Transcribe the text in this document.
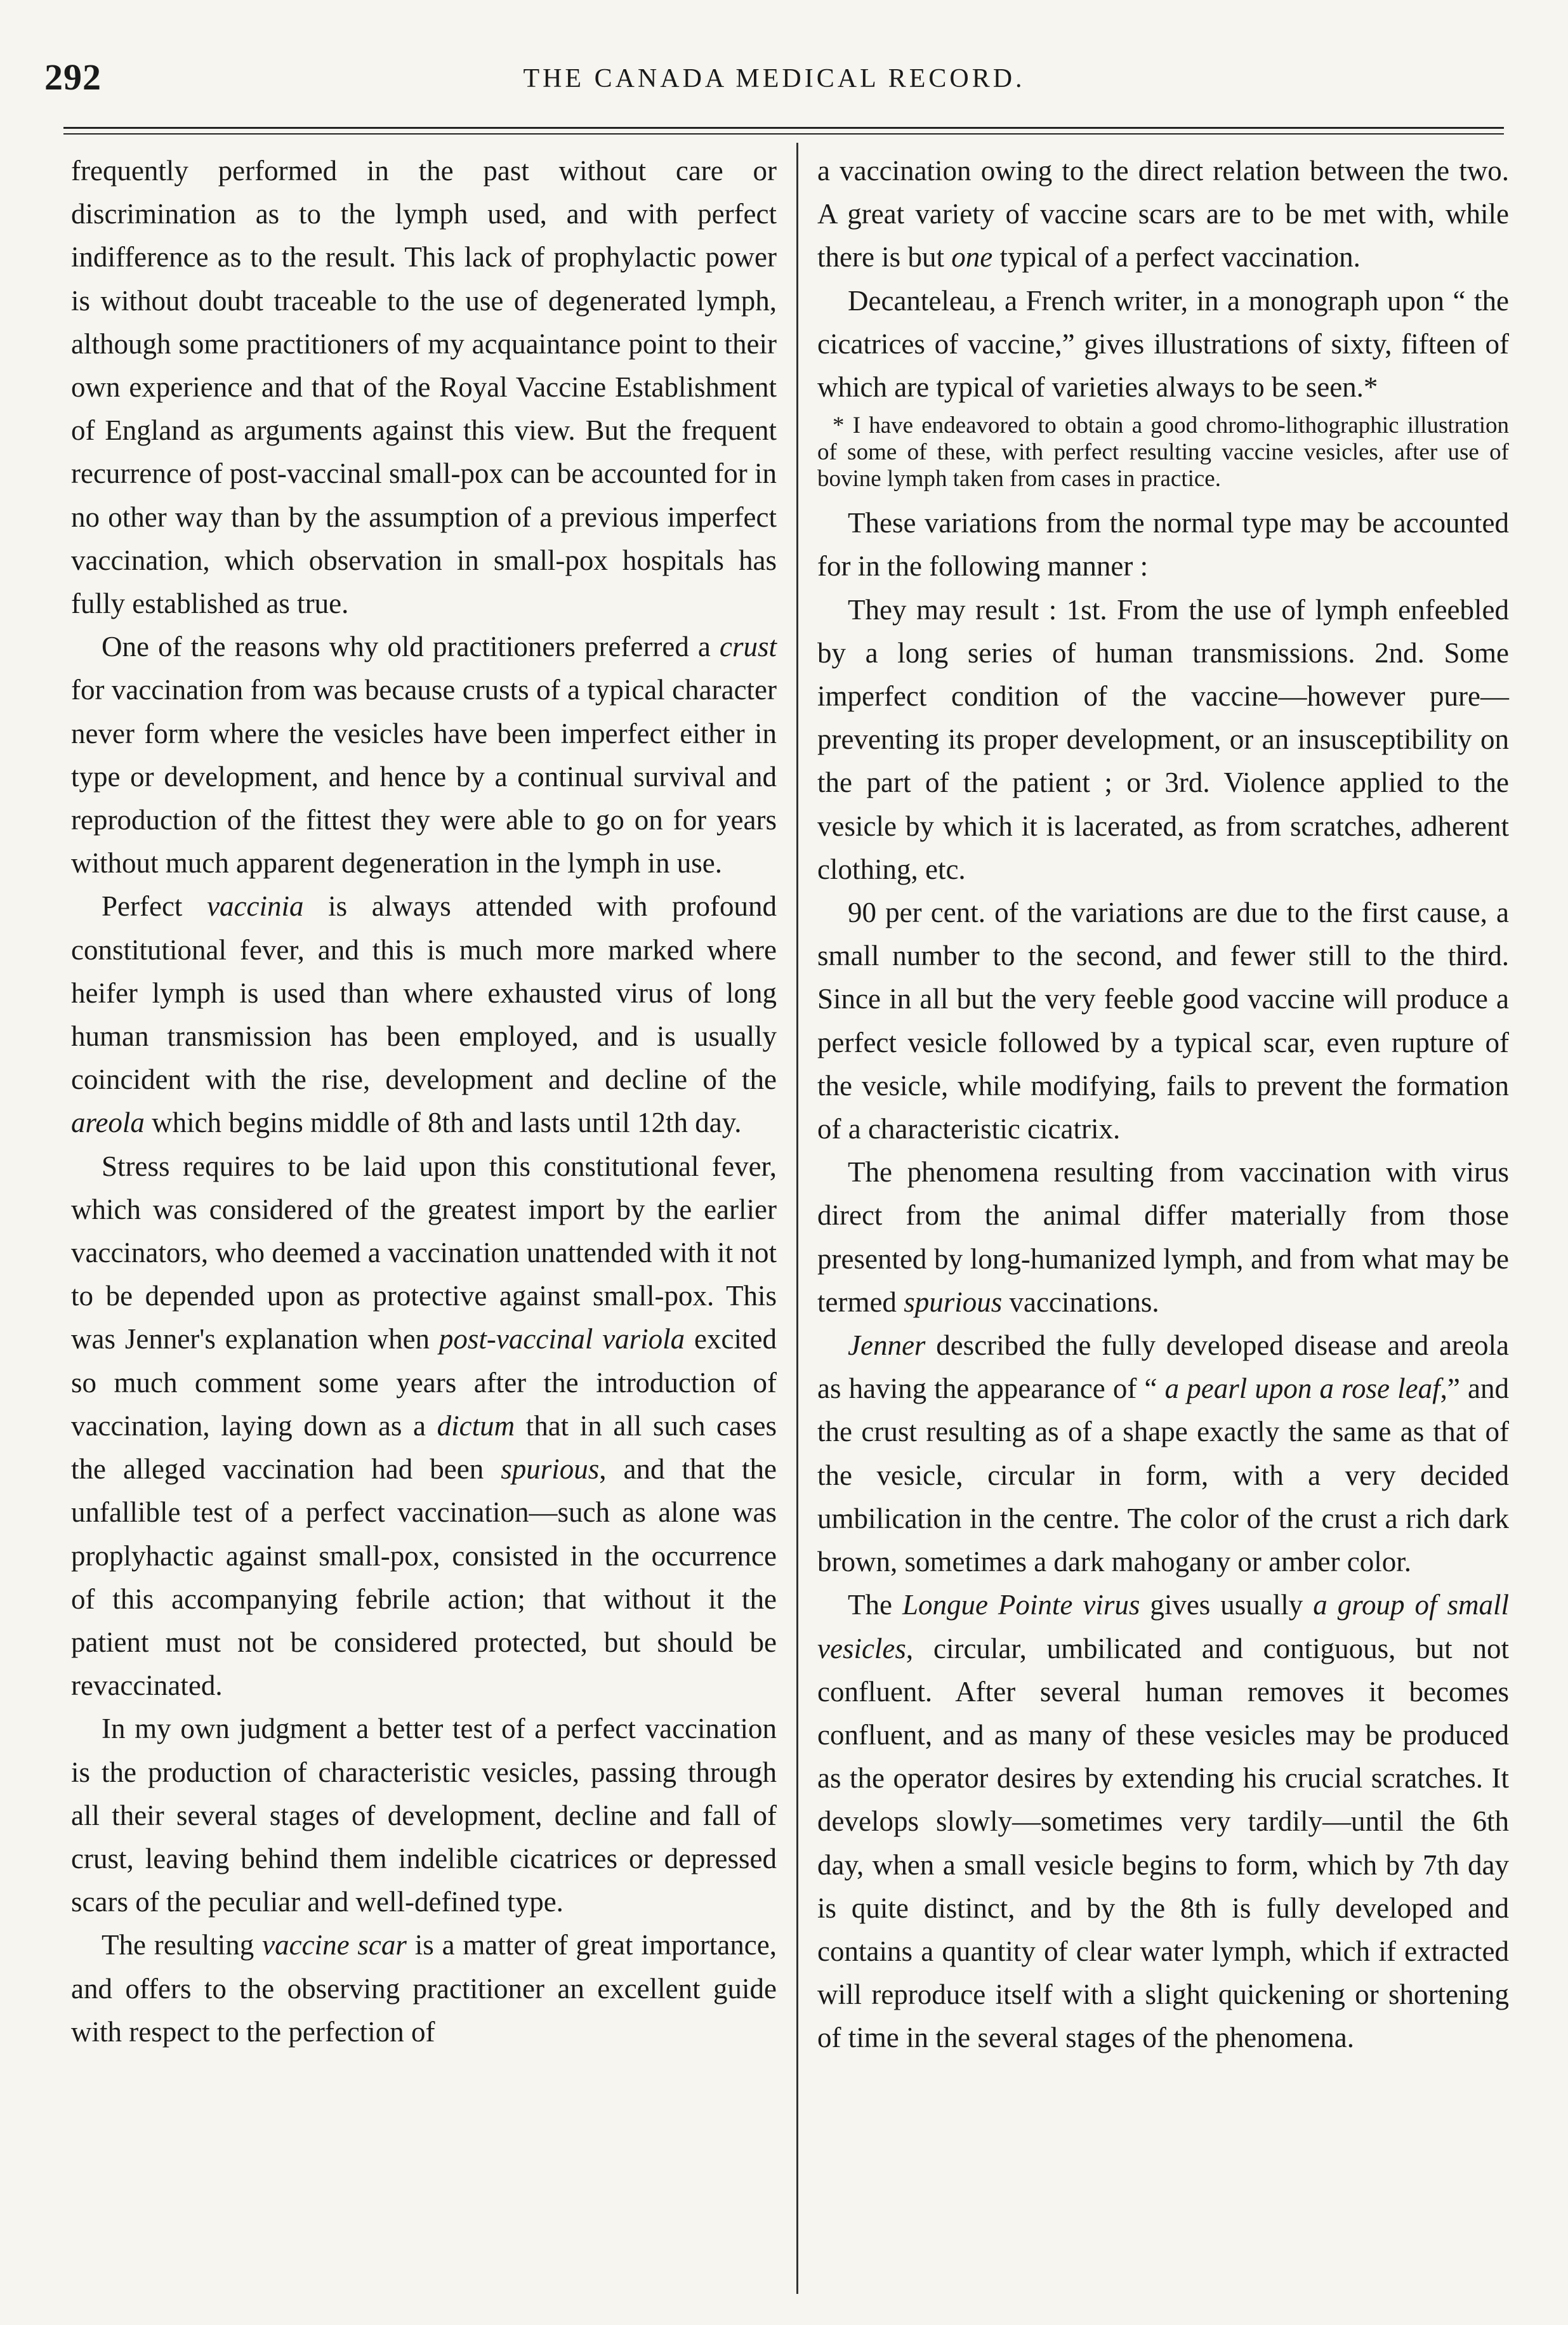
292	THE CANADA MEDICAL RECORD.

frequently performed in the past without care or discrimination as to the lymph used, and with perfect indifference as to the result. This lack of prophylactic power is without doubt traceable to the use of degenerated lymph, although some practitioners of my acquaintance point to their own experience and that of the Royal Vaccine Establishment of England as arguments against this view. But the frequent recurrence of post-vaccinal small-pox can be accounted for in no other way than by the assumption of a previous imperfect vaccination, which observation in small-pox hospitals has fully established as true.

One of the reasons why old practitioners preferred a crust for vaccination from was because crusts of a typical character never form where the vesicles have been imperfect either in type or development, and hence by a continual survival and reproduction of the fittest they were able to go on for years without much apparent degeneration in the lymph in use.

Perfect vaccinia is always attended with profound constitutional fever, and this is much more marked where heifer lymph is used than where exhausted virus of long human transmission has been employed, and is usually coincident with the rise, development and decline of the areola which begins middle of 8th and lasts until 12th day.

Stress requires to be laid upon this constitutional fever, which was considered of the greatest import by the earlier vaccinators, who deemed a vaccination unattended with it not to be depended upon as protective against small-pox. This was Jenner's explanation when post-vaccinal variola excited so much comment some years after the introduction of vaccination, laying down as a dictum that in all such cases the alleged vaccination had been spurious, and that the unfallible test of a perfect vaccination—such as alone was proplyhactic against small-pox, consisted in the occurrence of this accompanying febrile action; that without it the patient must not be considered protected, but should be revaccinated.

In my own judgment a better test of a perfect vaccination is the production of characteristic vesicles, passing through all their several stages of development, decline and fall of crust, leaving behind them indelible cicatrices or depressed scars of the peculiar and well-defined type.

The resulting vaccine scar is a matter of great importance, and offers to the observing practitioner an excellent guide with respect to the perfection of

a vaccination owing to the direct relation between the two. A great variety of vaccine scars are to be met with, while there is but one typical of a perfect vaccination.

Decanteleau, a French writer, in a monograph upon “ the cicatrices of vaccine,” gives illustrations of sixty, fifteen of which are typical of varieties always to be seen.*

* I have endeavored to obtain a good chromo-lithographic illustration of some of these, with perfect resulting vaccine vesicles, after use of bovine lymph taken from cases in practice.

These variations from the normal type may be accounted for in the following manner :

They may result : 1st. From the use of lymph enfeebled by a long series of human transmissions. 2nd. Some imperfect condition of the vaccine—however pure—preventing its proper development, or an insusceptibility on the part of the patient ; or 3rd. Violence applied to the vesicle by which it is lacerated, as from scratches, adherent clothing, etc.

90 per cent. of the variations are due to the first cause, a small number to the second, and fewer still to the third. Since in all but the very feeble good vaccine will produce a perfect vesicle followed by a typical scar, even rupture of the vesicle, while modifying, fails to prevent the formation of a characteristic cicatrix.

The phenomena resulting from vaccination with virus direct from the animal differ materially from those presented by long-humanized lymph, and from what may be termed spurious vaccinations.

Jenner described the fully developed disease and areola as having the appearance of “ a pearl upon a rose leaf,” and the crust resulting as of a shape exactly the same as that of the vesicle, circular in form, with a very decided umbilication in the centre. The color of the crust a rich dark brown, sometimes a dark mahogany or amber color.

The Longue Pointe virus gives usually a group of small vesicles, circular, umbilicated and contiguous, but not confluent. After several human removes it becomes confluent, and as many of these vesicles may be produced as the operator desires by extending his crucial scratches. It develops slowly—sometimes very tardily—until the 6th day, when a small vesicle begins to form, which by 7th day is quite distinct, and by the 8th is fully developed and contains a quantity of clear water lymph, which if extracted will reproduce itself with a slight quickening or shortening of time in the several stages of the phenomena.
